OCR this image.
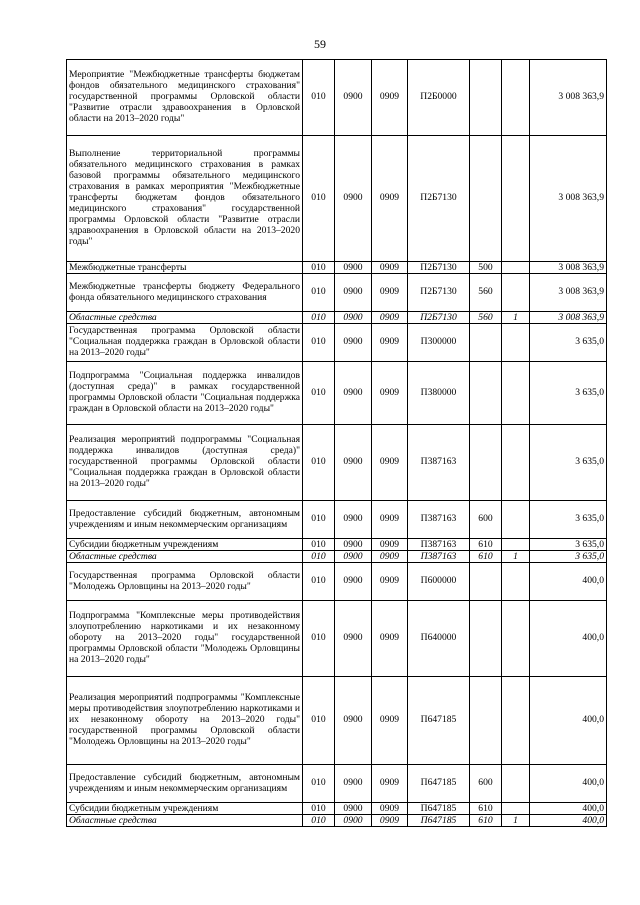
59
Мероприятие "Межбюджетные трансферты бюджетам фондов обязательного медицинского страхования" государственной программы Орловской области "Развитие отрасли здравоохранения в Орловской области на 2013–2020 годы"	010	0900	0909	П2Б0000			3 008 363,9
Выполнение территориальной программы обязательного медицинского страхования в рамках базовой программы обязательного медицинского страхования в рамках мероприятия "Межбюджетные трансферты бюджетам фондов обязательного медицинского страхования" государственной программы Орловской области "Развитие отрасли здравоохранения в Орловской области на 2013–2020 годы"	010	0900	0909	П2Б7130			3 008 363,9
Межбюджетные трансферты	010	0900	0909	П2Б7130	500		3 008 363,9
Межбюджетные трансферты бюджету Федерального фонда обязательного медицинского страхования	010	0900	0909	П2Б7130	560		3 008 363,9
Областные средства	010	0900	0909	П2Б7130	560	1	3 008 363,9
Государственная программа Орловской области "Социальная поддержка граждан в Орловской области на 2013–2020 годы"	010	0900	0909	П300000			3 635,0
Подпрограмма "Социальная поддержка инвалидов (доступная среда)" в рамках государственной программы Орловской области "Социальная поддержка граждан в Орловской области на 2013–2020 годы"	010	0900	0909	П380000			3 635,0
Реализация мероприятий подпрограммы "Социальная поддержка инвалидов (доступная среда)" государственной программы Орловской области "Социальная поддержка граждан в Орловской области на 2013–2020 годы"	010	0900	0909	П387163			3 635,0
Предоставление субсидий бюджетным, автономным учреждениям и иным некоммерческим организациям	010	0900	0909	П387163	600		3 635,0
Субсидии бюджетным учреждениям	010	0900	0909	П387163	610		3 635,0
Областные средства	010	0900	0909	П387163	610	1	3 635,0
Государственная программа Орловской области "Молодежь Орловщины на 2013–2020 годы"	010	0900	0909	П600000			400,0
Подпрограмма "Комплексные меры противодействия злоупотреблению наркотиками и их незаконному обороту на 2013–2020 годы" государственной программы Орловской области "Молодежь Орловщины на 2013–2020 годы"	010	0900	0909	П640000			400,0
Реализация мероприятий подпрограммы "Комплексные меры противодействия злоупотреблению наркотиками и их незаконному обороту на 2013–2020 годы" государственной программы Орловской области "Молодежь Орловщины на 2013–2020 годы"	010	0900	0909	П647185			400,0
Предоставление субсидий бюджетным, автономным учреждениям и иным некоммерческим организациям	010	0900	0909	П647185	600		400,0
Субсидии бюджетным учреждениям	010	0900	0909	П647185	610		400,0
Областные средства	010	0900	0909	П647185	610	1	400,0
